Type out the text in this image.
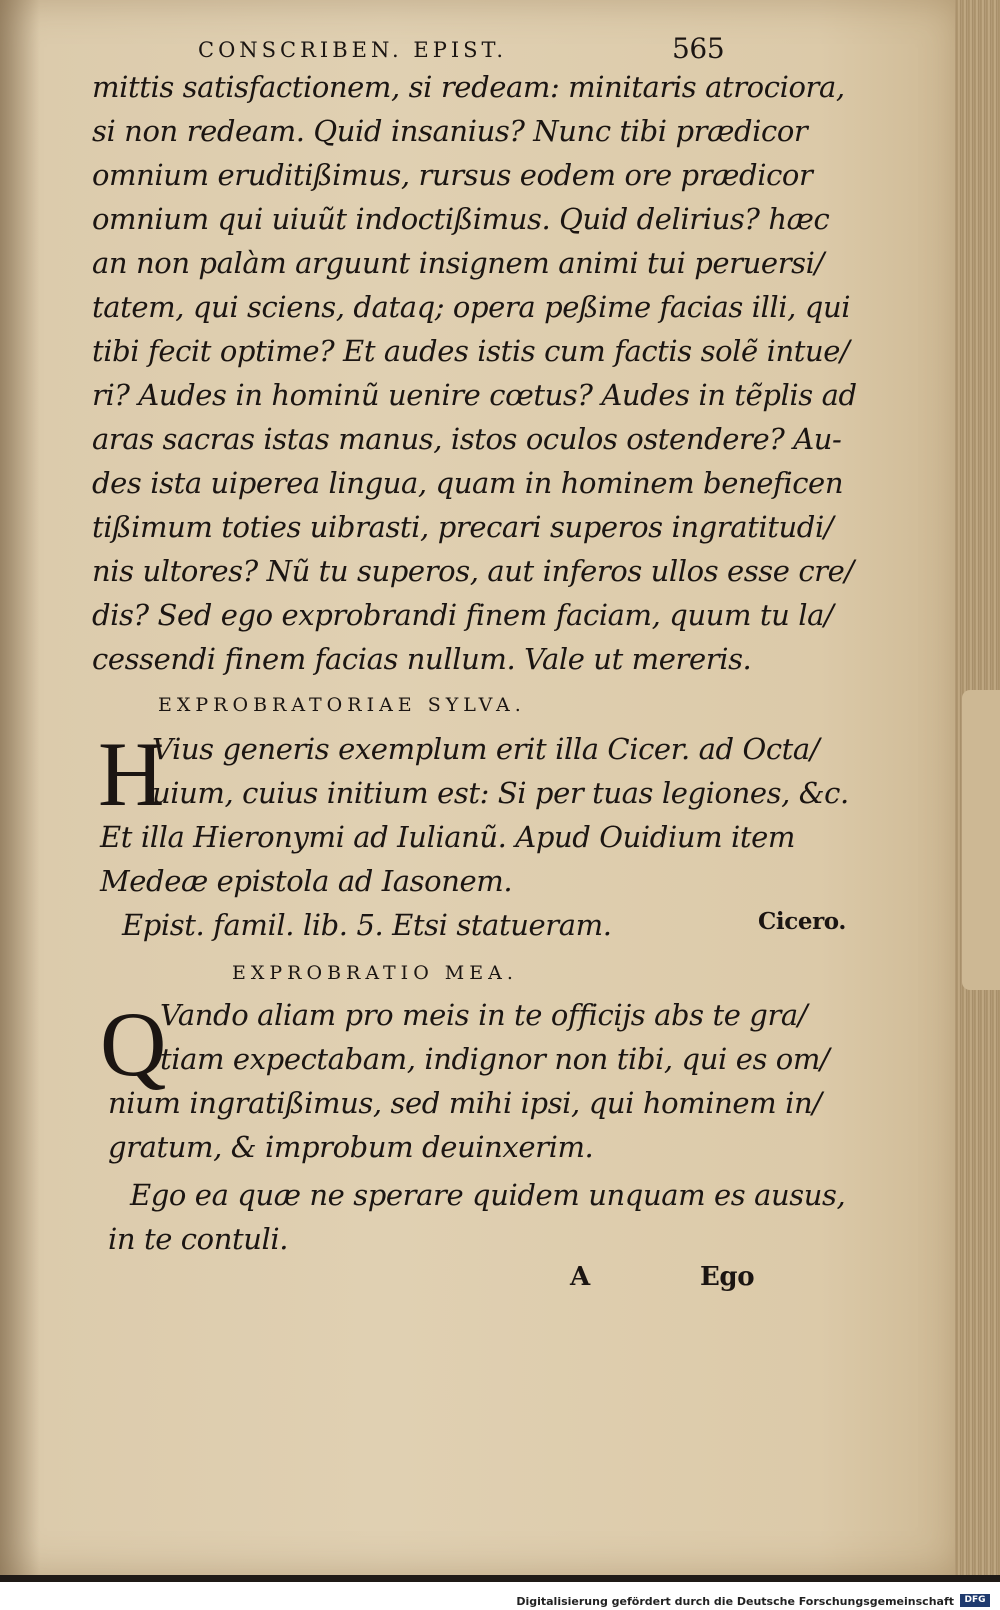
CONSCRIBEN. EPIST.	565
mittis satisfactionem, si redeam: minitaris atrociora,
si non redeam. Quid insanius? Nunc tibi prædicor
omnium eruditißimus, rursus eodem ore prædicor
omnium qui uiuũt indoctißimus. Quid delirius? hæc
an non palàm arguunt insignem animi tui peruersi/
tatem, qui sciens, dataq; opera peßime facias illi, qui
tibi fecit optime? Et audes istis cum factis solẽ intue/
ri? Audes in hominũ uenire cœtus? Audes in tẽplis ad
aras sacras istas manus, istos oculos ostendere? Au-
des ista uiperea lingua, quam in hominem beneficen
tißimum toties uibrasti, precari superos ingratitudi/
nis ultores? Nũ tu superos, aut inferos ullos esse cre/
dis? Sed ego exprobrandi finem faciam, quum tu la/
cessendi finem facias nullum. Vale ut mereris.
EXPROBRATORIAE SYLVA.
H
Vius generis exemplum erit illa Cicer. ad Octa/
uium, cuius initium est: Si per tuas legiones, &c.
Et illa Hieronymi ad Iulianũ. Apud Ouidium item
Medeæ epistola ad Iasonem.
Epist. famil. lib. 5. Etsi statueram.	Cicero.
EXPROBRATIO MEA.
Q
Vando aliam pro meis in te officijs abs te gra/
tiam expectabam, indignor non tibi, qui es om/
nium ingratißimus, sed mihi ipsi, qui hominem in/
gratum, & improbum deuinxerim.
Ego ea quæ ne sperare quidem unquam es ausus,
in te contuli.
A	Ego
Digitalisierung gefördert durch die Deutsche Forschungsgemeinschaft	DFG
